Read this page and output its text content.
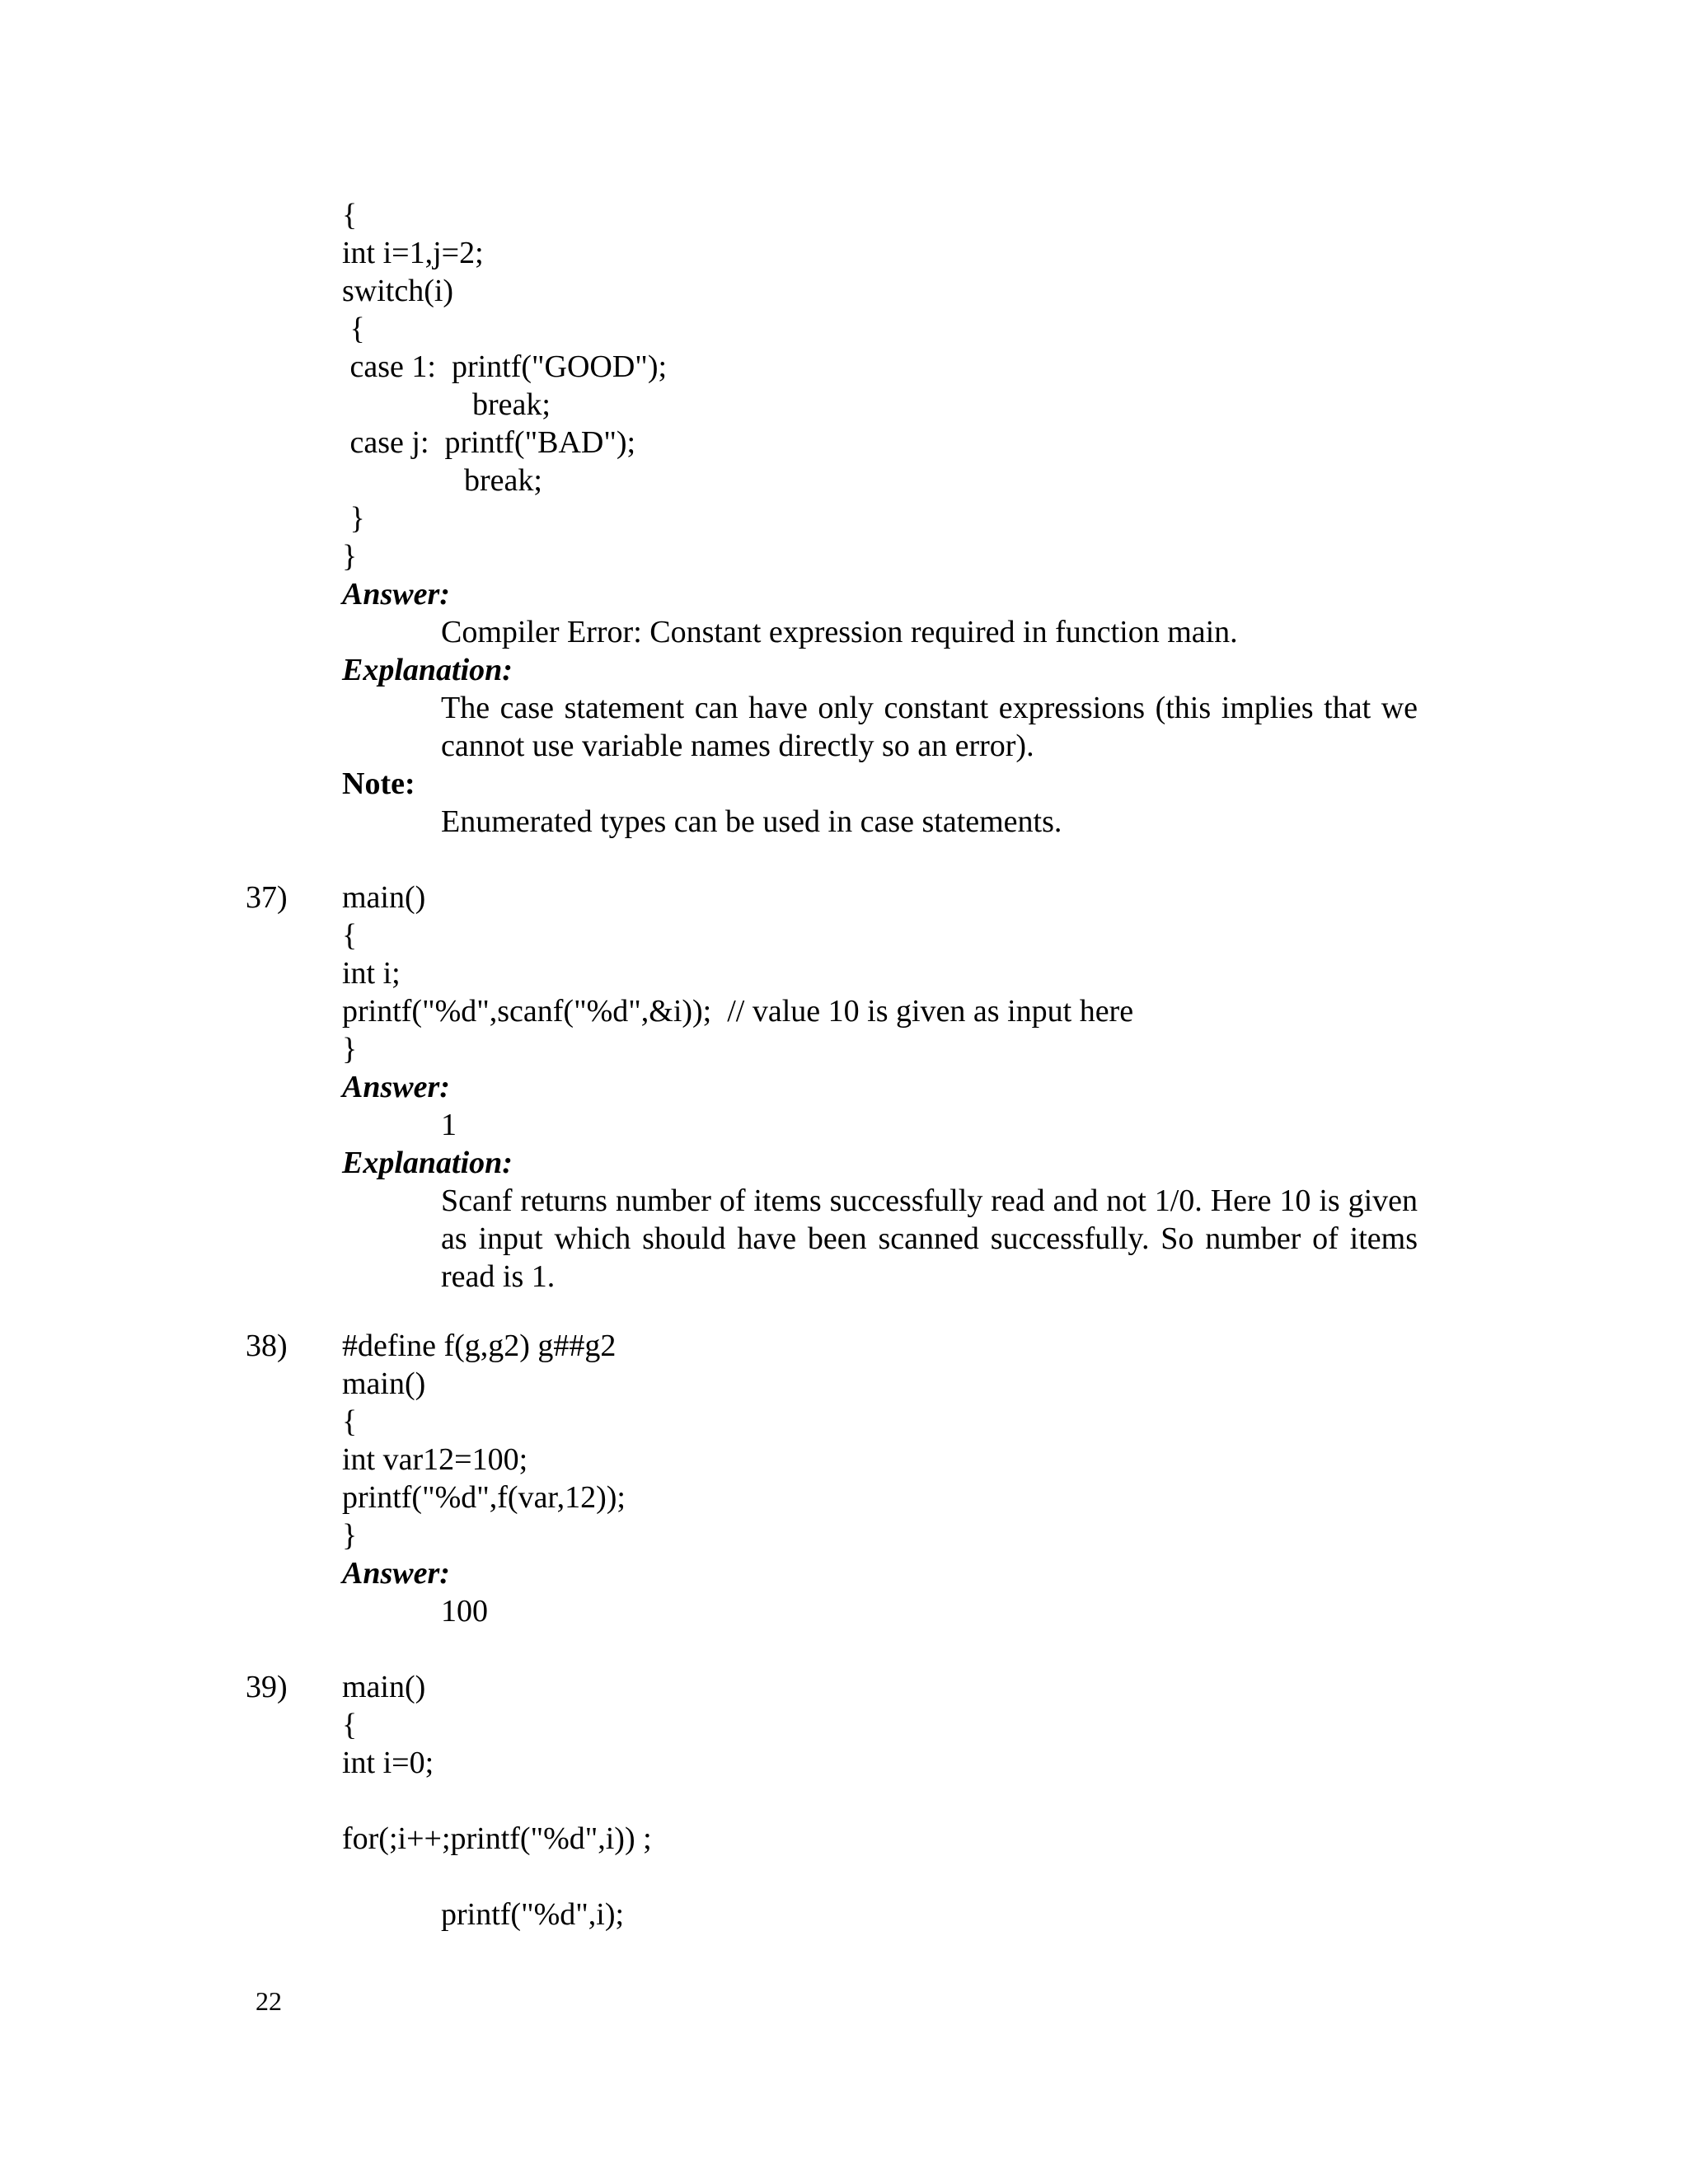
{

int i=1,j=2;

switch(i)

{

case 1:  printf("GOOD");

break;

case j:  printf("BAD");

break;

}

}

Answer:

Compiler Error: Constant expression required in function main.

Explanation:

The case statement can have only constant expressions (this implies that we cannot use variable names directly so an error).

Note:

Enumerated types can be used in case statements.

37) main()

{

int i;

printf("%d",scanf("%d",&i));  // value 10 is given as input here

}

Answer:

1

Explanation:

Scanf returns number of items successfully read and not 1/0. Here 10 is given as input which should have been scanned successfully. So number of items read is 1.

38) #define f(g,g2) g##g2

main()

{

int var12=100;

printf("%d",f(var,12));

}

Answer:

100

39) main()

{

int i=0;

for(;i++;printf("%d",i)) ;

printf("%d",i);

22
